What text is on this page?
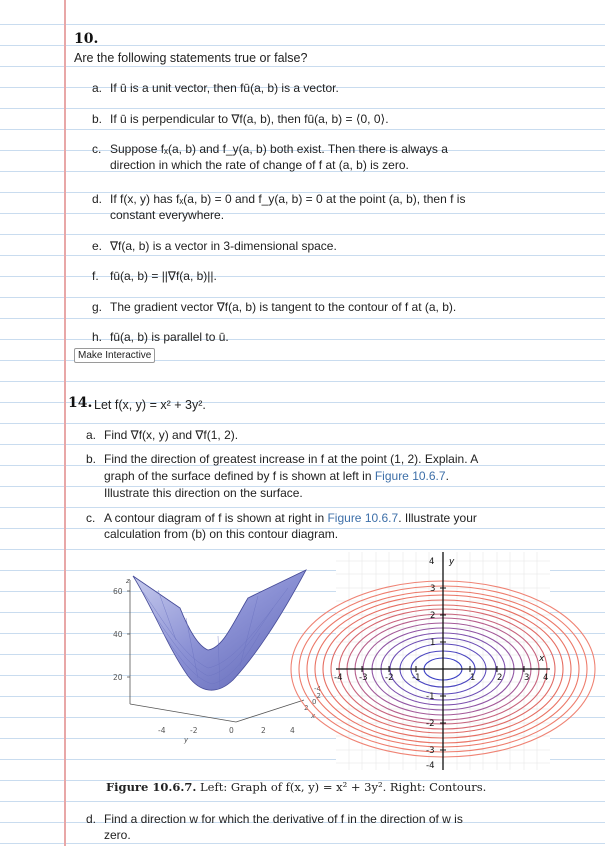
10.
Are the following statements true or false?
a. If ū is a unit vector, then fū(a, b) is a vector.
b. If ū is perpendicular to ∇f(a, b), then fū(a, b) = ⟨0, 0⟩.
c. Suppose fₓ(a, b) and f_y(a, b) both exist. Then there is always a
direction in which the rate of change of f at (a, b) is zero.
d. If f(x, y) has fₓ(a, b) = 0 and f_y(a, b) = 0 at the point (a, b), then f is
constant everywhere.
e. ∇f(a, b) is a vector in 3-dimensional space.
f. fū(a, b) = ||∇f(a, b)||.
g. The gradient vector ∇f(a, b) is tangent to the contour of f at (a, b).
h. fū(a, b) is parallel to ū.
Make Interactive
14. Let f(x, y) = x² + 3y².
a. Find ∇f(x, y) and ∇f(1, 2).
b. Find the direction of greatest increase in f at the point (1, 2). Explain. A
graph of the surface defined by f is shown at left in Figure 10.6.7.
Illustrate this direction on the surface.
c. A contour diagram of f is shown at right in Figure 10.6.7. Illustrate your
calculation from (b) on this contour diagram.
z
60
40
20
-4	-2	0	2	4
y
2
0
-2
-4
x
-4 -3 -2 -1	1	2	3 4
4
3
2
1
-1
-2
-3
-4
y
x
Figure 10.6.7. Left: Graph of f(x, y) = x² + 3y². Right: Contours.
d. Find a direction w for which the derivative of f in the direction of w is
zero.
